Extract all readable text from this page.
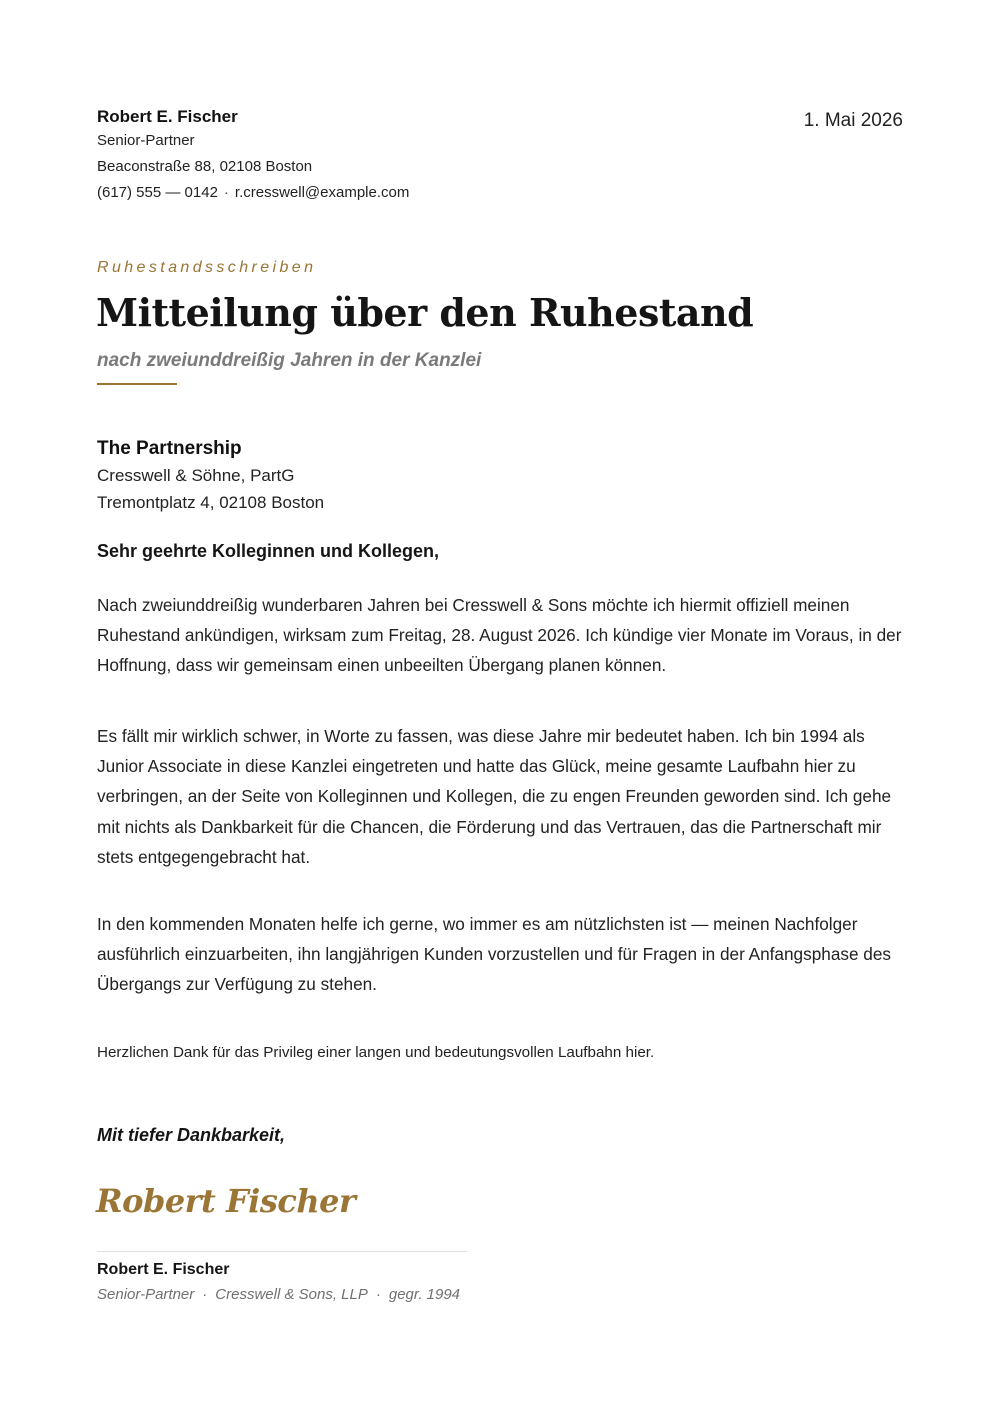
Robert E. Fischer
Senior-Partner
Beaconstraße 88, 02108 Boston
(617) 555 — 0142 · r.cresswell@example.com
1. Mai 2026
Ruhestandsschreiben
Mitteilung über den Ruhestand
nach zweiunddreißig Jahren in der Kanzlei
The Partnership
Cresswell & Söhne, PartG
Tremontplatz 4, 02108 Boston
Sehr geehrte Kolleginnen und Kollegen,

Nach zweiunddreißig wunderbaren Jahren bei Cresswell & Sons möchte ich hiermit offiziell meinen Ruhestand ankündigen, wirksam zum Freitag, 28. August 2026. Ich kündige vier Monate im Voraus, in der Hoffnung, dass wir gemeinsam einen unbeeilten Übergang planen können.

Es fällt mir wirklich schwer, in Worte zu fassen, was diese Jahre mir bedeutet haben. Ich bin 1994 als Junior Associate in diese Kanzlei eingetreten und hatte das Glück, meine gesamte Laufbahn hier zu verbringen, an der Seite von Kolleginnen und Kollegen, die zu engen Freunden geworden sind. Ich gehe mit nichts als Dankbarkeit für die Chancen, die Förderung und das Vertrauen, das die Partnerschaft mir stets entgegengebracht hat.

In den kommenden Monaten helfe ich gerne, wo immer es am nützlichsten ist — meinen Nachfolger ausführlich einzuarbeiten, ihn langjährigen Kunden vorzustellen und für Fragen in der Anfangsphase des Übergangs zur Verfügung zu stehen.

Herzlichen Dank für das Privileg einer langen und bedeutungsvollen Laufbahn hier.
Mit tiefer Dankbarkeit,
Robert Fischer
Robert E. Fischer
Senior-Partner · Cresswell & Sons, LLP · gegr. 1994
